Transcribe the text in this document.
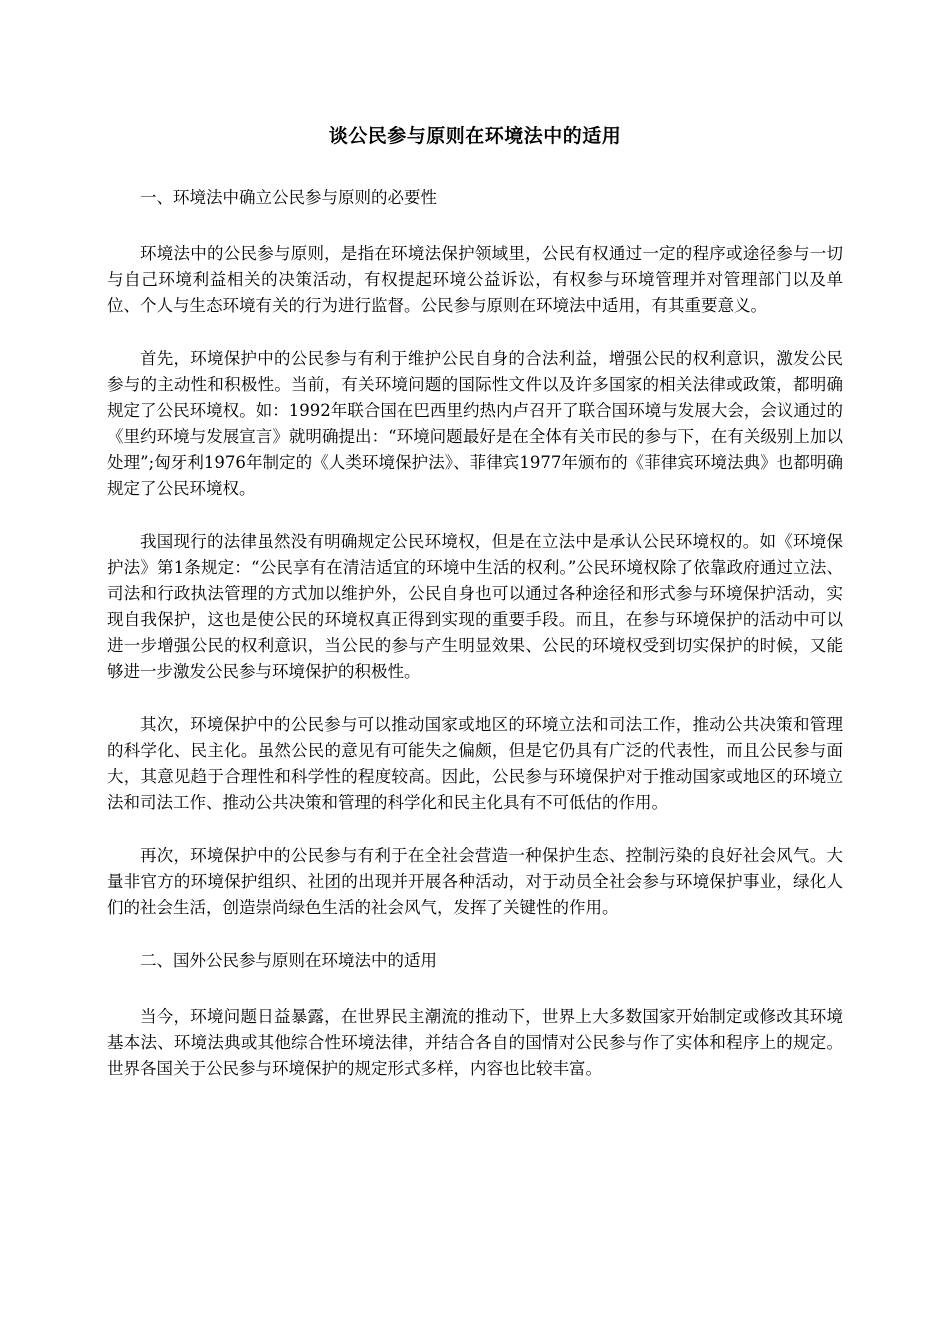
谈公民参与原则在环境法中的适用

一、环境法中确立公民参与原则的必要性

环境法中的公民参与原则，是指在环境法保护领域里，公民有权通过一定的程序或途径参与一切与自己环境利益相关的决策活动，有权提起环境公益诉讼，有权参与环境管理并对管理部门以及单位、个人与生态环境有关的行为进行监督。公民参与原则在环境法中适用，有其重要意义。

首先，环境保护中的公民参与有利于维护公民自身的合法利益，增强公民的权利意识，激发公民参与的主动性和积极性。当前，有关环境问题的国际性文件以及许多国家的相关法律或政策，都明确规定了公民环境权。如：1992年联合国在巴西里约热内卢召开了联合国环境与发展大会，会议通过的《里约环境与发展宣言》就明确提出：“环境问题最好是在全体有关市民的参与下，在有关级别上加以处理”;匈牙利1976年制定的《人类环境保护法》、菲律宾1977年颁布的《菲律宾环境法典》也都明确规定了公民环境权。

我国现行的法律虽然没有明确规定公民环境权，但是在立法中是承认公民环境权的。如《环境保护法》第1条规定：“公民享有在清洁适宜的环境中生活的权利。”公民环境权除了依靠政府通过立法、司法和行政执法管理的方式加以维护外，公民自身也可以通过各种途径和形式参与环境保护活动，实现自我保护，这也是使公民的环境权真正得到实现的重要手段。而且，在参与环境保护的活动中可以进一步增强公民的权利意识，当公民的参与产生明显效果、公民的环境权受到切实保护的时候，又能够进一步激发公民参与环境保护的积极性。

其次，环境保护中的公民参与可以推动国家或地区的环境立法和司法工作，推动公共决策和管理的科学化、民主化。虽然公民的意见有可能失之偏颇，但是它仍具有广泛的代表性，而且公民参与面大，其意见趋于合理性和科学性的程度较高。因此，公民参与环境保护对于推动国家或地区的环境立法和司法工作、推动公共决策和管理的科学化和民主化具有不可低估的作用。

再次，环境保护中的公民参与有利于在全社会营造一种保护生态、控制污染的良好社会风气。大量非官方的环境保护组织、社团的出现并开展各种活动，对于动员全社会参与环境保护事业，绿化人们的社会生活，创造崇尚绿色生活的社会风气，发挥了关键性的作用。

二、国外公民参与原则在环境法中的适用

当今，环境问题日益暴露，在世界民主潮流的推动下，世界上大多数国家开始制定或修改其环境基本法、环境法典或其他综合性环境法律，并结合各自的国情对公民参与作了实体和程序上的规定。世界各国关于公民参与环境保护的规定形式多样，内容也比较丰富。
